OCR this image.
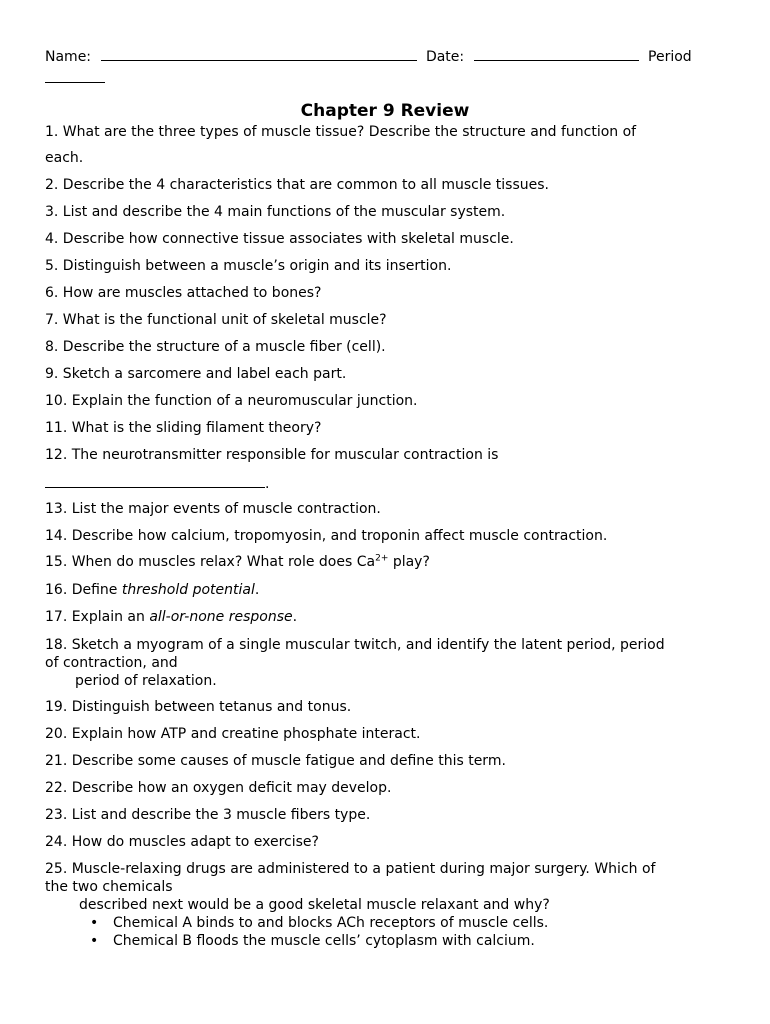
Name:	Date:	Period
Chapter 9 Review
1. What are the three types of muscle tissue? Describe the structure and function of
each.
2. Describe the 4 characteristics that are common to all muscle tissues.
3. List and describe the 4 main functions of the muscular system.
4. Describe how connective tissue associates with skeletal muscle.
5. Distinguish between a muscle’s origin and its insertion.
6. How are muscles attached to bones?
7. What is the functional unit of skeletal muscle?
8. Describe the structure of a muscle fiber (cell).
9. Sketch a sarcomere and label each part.
10. Explain the function of a neuromuscular junction.
11. What is the sliding filament theory?
12. The neurotransmitter responsible for muscular contraction is
.
13. List the major events of muscle contraction.
14. Describe how calcium, tropomyosin, and troponin affect muscle contraction.
15. When do muscles relax? What role does $Ca^{2+}$ play?
16. Define threshold potential.
17. Explain an all-or-none response.
18. Sketch a myogram of a single muscular twitch, and identify the latent period, period
of contraction, and
period of relaxation.
19. Distinguish between tetanus and tonus.
20. Explain how ATP and creatine phosphate interact.
21. Describe some causes of muscle fatigue and define this term.
22. Describe how an oxygen deficit may develop.
23. List and describe the 3 muscle fibers type.
24. How do muscles adapt to exercise?
25. Muscle-relaxing drugs are administered to a patient during major surgery. Which of
the two chemicals
described next would be a good skeletal muscle relaxant and why?
• Chemical A binds to and blocks ACh receptors of muscle cells.
• Chemical B floods the muscle cells’ cytoplasm with calcium.
